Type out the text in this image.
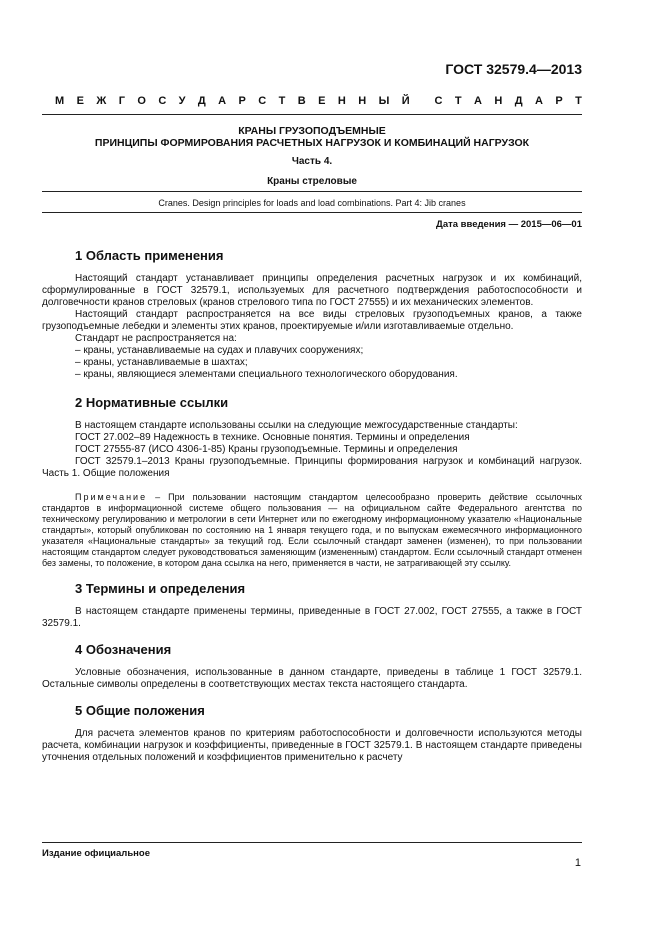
ГОСТ 32579.4—2013
М Е Ж Г О С У Д А Р С Т В Е Н Н Ы Й С Т А Н Д А Р Т
КРАНЫ ГРУЗОПОДЪЕМНЫЕ
ПРИНЦИПЫ ФОРМИРОВАНИЯ РАСЧЕТНЫХ НАГРУЗОК И КОМБИНАЦИЙ НАГРУЗОК
Часть 4.
Краны стреловые
Cranes. Design principles for loads and load combinations. Part 4: Jib cranes
Дата введения — 2015—06—01
1 Область применения

Настоящий стандарт устанавливает принципы определения расчетных нагрузок и их комбинаций, сформулированные в ГОСТ 32579.1, используемых для расчетного подтверждения работоспособности и долговечности кранов стреловых (кранов стрелового типа по ГОСТ 27555) и их механических элементов.

Настоящий стандарт распространяется на все виды стреловых грузоподъемных кранов, а также грузоподъемные лебедки и элементы этих кранов, проектируемые и/или изготавливаемые отдельно.

Стандарт не распространяется на:

– краны, устанавливаемые на судах и плавучих сооружениях;

– краны, устанавливаемые в шахтах;

– краны, являющиеся элементами специального технологического оборудования.

2 Нормативные ссылки

В настоящем стандарте использованы ссылки на следующие межгосударственные стандарты:

ГОСТ 27.002–89 Надежность в технике. Основные понятия. Термины и определения

ГОСТ 27555-87 (ИСО 4306-1-85) Краны грузоподъемные. Термины и определения

ГОСТ 32579.1–2013 Краны грузоподъемные. Принципы формирования нагрузок и комбинаций нагрузок. Часть 1. Общие положения

Примечание – При пользовании настоящим стандартом целесообразно проверить действие ссылочных стандартов в информационной системе общего пользования — на официальном сайте Федерального агентства по техническому регулированию и метрологии в сети Интернет или по ежегодному информационному указателю «Национальные стандарты», который опубликован по состоянию на 1 января текущего года, и по выпускам ежемесячного информационного указателя «Национальные стандарты» за текущий год. Если ссылочный стандарт заменен (изменен), то при пользовании настоящим стандартом следует руководствоваться заменяющим (измененным) стандартом. Если ссылочный стандарт отменен без замены, то положение, в котором дана ссылка на него, применяется в части, не затрагивающей эту ссылку.

3 Термины и определения

В настоящем стандарте применены термины, приведенные в ГОСТ 27.002, ГОСТ 27555, а также в ГОСТ 32579.1.

4 Обозначения

Условные обозначения, использованные в данном стандарте, приведены в таблице 1 ГОСТ 32579.1. Остальные символы определены в соответствующих местах текста настоящего стандарта.

5 Общие положения

Для расчета элементов кранов по критериям работоспособности и долговечности используются методы расчета, комбинации нагрузок и коэффициенты, приведенные в ГОСТ 32579.1. В настоящем стандарте приведены уточнения отдельных положений и коэффициентов применительно к расчету

Издание официальное
1
